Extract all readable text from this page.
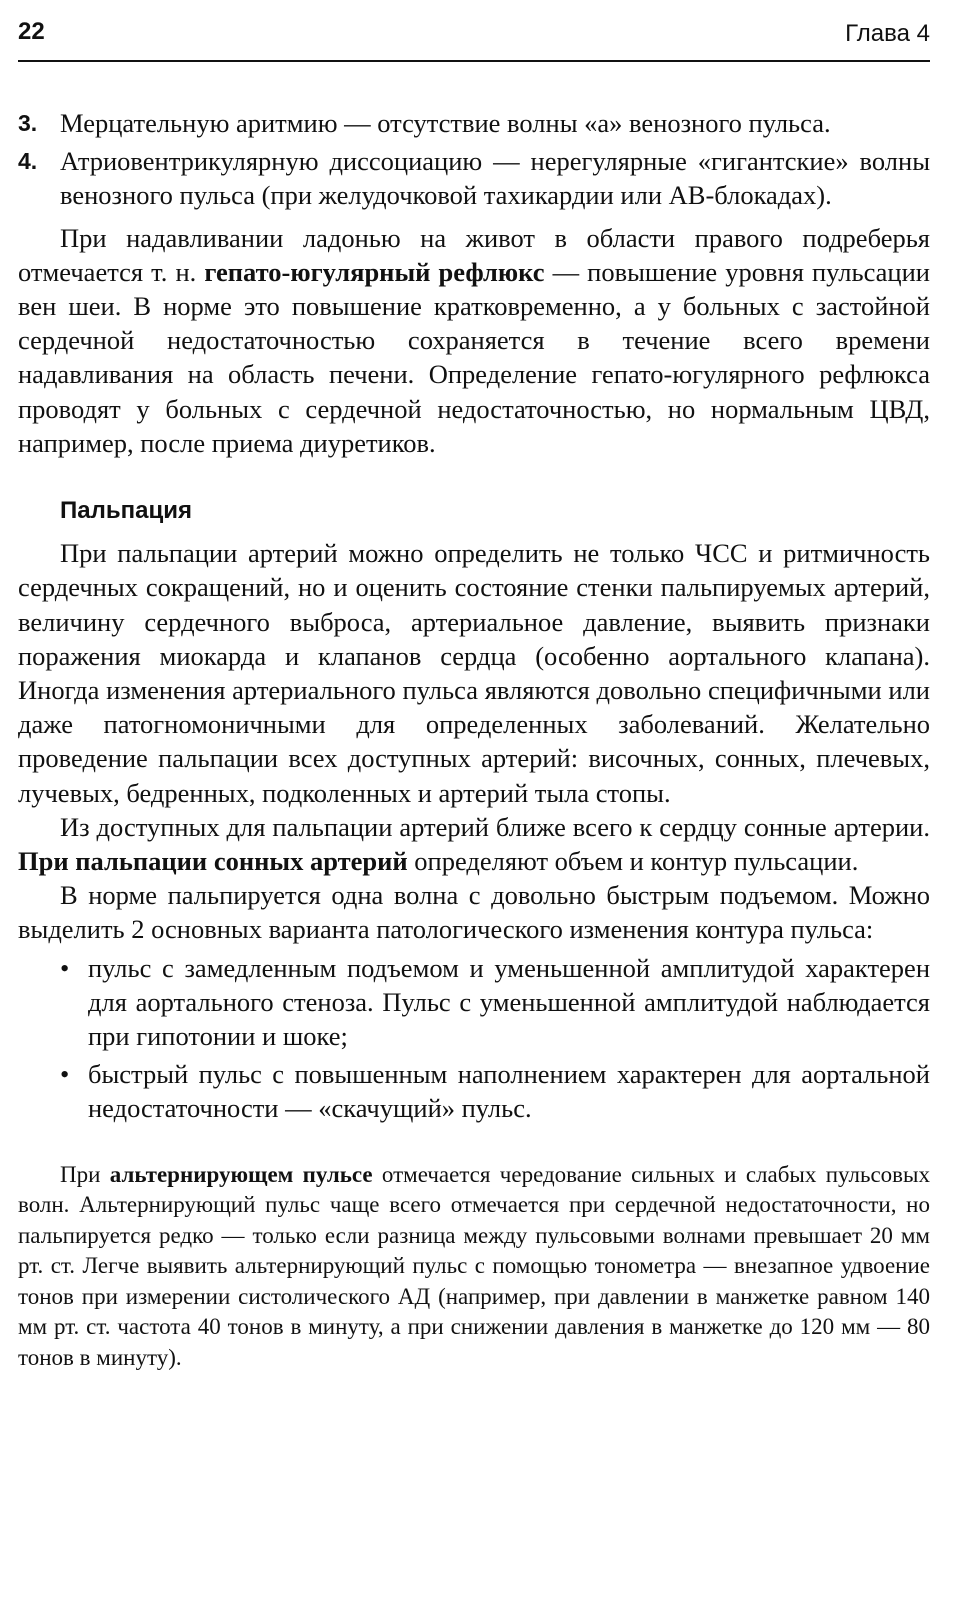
22	Глава 4

3. Мерцательную аритмию — отсутствие волны «а» венозного пульса.

4. Атриовентрикулярную диссоциацию — нерегулярные «гигантские» волны венозного пульса (при желудочковой тахикардии или АВ-блокадах).

При надавливании ладонью на живот в области правого подреберья отмечается т. н. гепато-югулярный рефлюкс — повышение уровня пульсации вен шеи. В норме это повышение кратковременно, а у больных с застойной сердечной недостаточностью сохраняется в течение всего времени надавливания на область печени. Определение гепато-югулярного рефлюкса проводят у больных с сердечной недостаточностью, но нормальным ЦВД, например, после приема диуретиков.

Пальпация

При пальпации артерий можно определить не только ЧСС и ритмичность сердечных сокращений, но и оценить состояние стенки пальпируемых артерий, величину сердечного выброса, артериальное давление, выявить признаки поражения миокарда и клапанов сердца (особенно аортального клапана). Иногда изменения артериального пульса являются довольно специфичными или даже патогномоничными для определенных заболеваний. Желательно проведение пальпации всех доступных артерий: височных, сонных, плечевых, лучевых, бедренных, подколенных и артерий тыла стопы.

Из доступных для пальпации артерий ближе всего к сердцу сонные артерии. При пальпации сонных артерий определяют объем и контур пульсации.

В норме пальпируется одна волна с довольно быстрым подъемом. Можно выделить 2 основных варианта патологического изменения контура пульса:

• пульс с замедленным подъемом и уменьшенной амплитудой характерен для аортального стеноза. Пульс с уменьшенной амплитудой наблюдается при гипотонии и шоке;
• быстрый пульс с повышенным наполнением характерен для аортальной недостаточности — «скачущий» пульс.

При альтернирующем пульсе отмечается чередование сильных и слабых пульсовых волн. Альтернирующий пульс чаще всего отмечается при сердечной недостаточности, но пальпируется редко — только если разница между пульсовыми волнами превышает 20 мм рт. ст. Легче выявить альтернирующий пульс с помощью тонометра — внезапное удвоение тонов при измерении систолического АД (например, при давлении в манжетке равном 140 мм рт. ст. частота 40 тонов в минуту, а при снижении давления в манжетке до 120 мм — 80 тонов в минуту).
